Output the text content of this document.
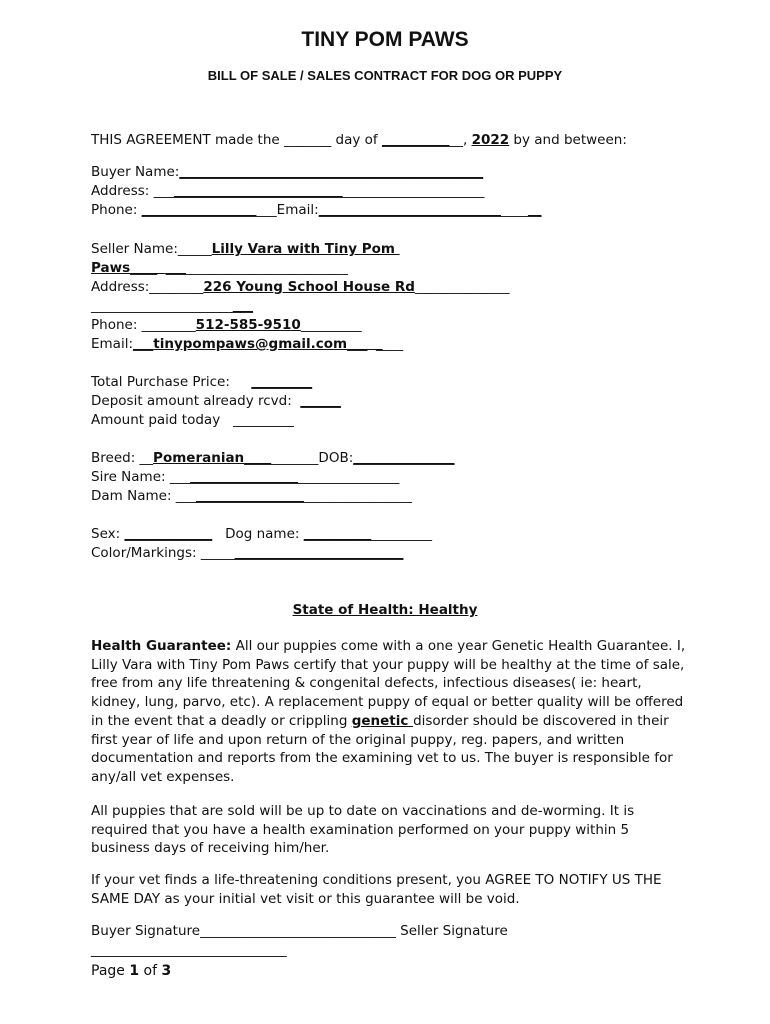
TINY POM PAWS
BILL OF SALE / SALES CONTRACT FOR DOG OR PUPPY
THIS AGREEMENT made the _______ day of ____________, 2022 by and between:
Buyer Name:_____________________________________________
Address: _________________________________________________
Phone: ____________________Email:_________________________________
Seller Name:_____Lilly Vara with Tiny Pom
Paws____  ___________________________
Address:________226 Young School House Rd______________
________________________
Phone: ________512-585-9510_________
Email:___tinypompaws@gmail.com___  ____
Total Purchase Price:     _________
Deposit amount already rcvd:  ______
Amount paid today   _________
Breed: __Pomeranian___________DOB:_______________
Sire Name: __________________________________
Dam Name: ___________________________________
Sex: _____________   Dog name: ___________________
Color/Markings: ______________________________
State of Health: Healthy
Health Guarantee: All our puppies come with a one year Genetic Health Guarantee. I, Lilly Vara with Tiny Pom Paws certify that your puppy will be healthy at the time of sale, free from any life threatening & congenital defects, infectious diseases( ie: heart, kidney, lung, parvo, etc). A replacement puppy of equal or better quality will be offered in the event that a deadly or crippling genetic disorder should be discovered in their first year of life and upon return of the original puppy, reg. papers, and written documentation and reports from the examining vet to us. The buyer is responsible for any/all vet expenses.
All puppies that are sold will be up to date on vaccinations and de-worming. It is required that you have a health examination performed on your puppy within 5 business days of receiving him/her.
If your vet finds a life-threatening conditions present, you AGREE TO NOTIFY US THE SAME DAY as your initial vet visit or this guarantee will be void.
Buyer Signature_____________________________ Seller Signature
_____________________________
Page 1 of 3
